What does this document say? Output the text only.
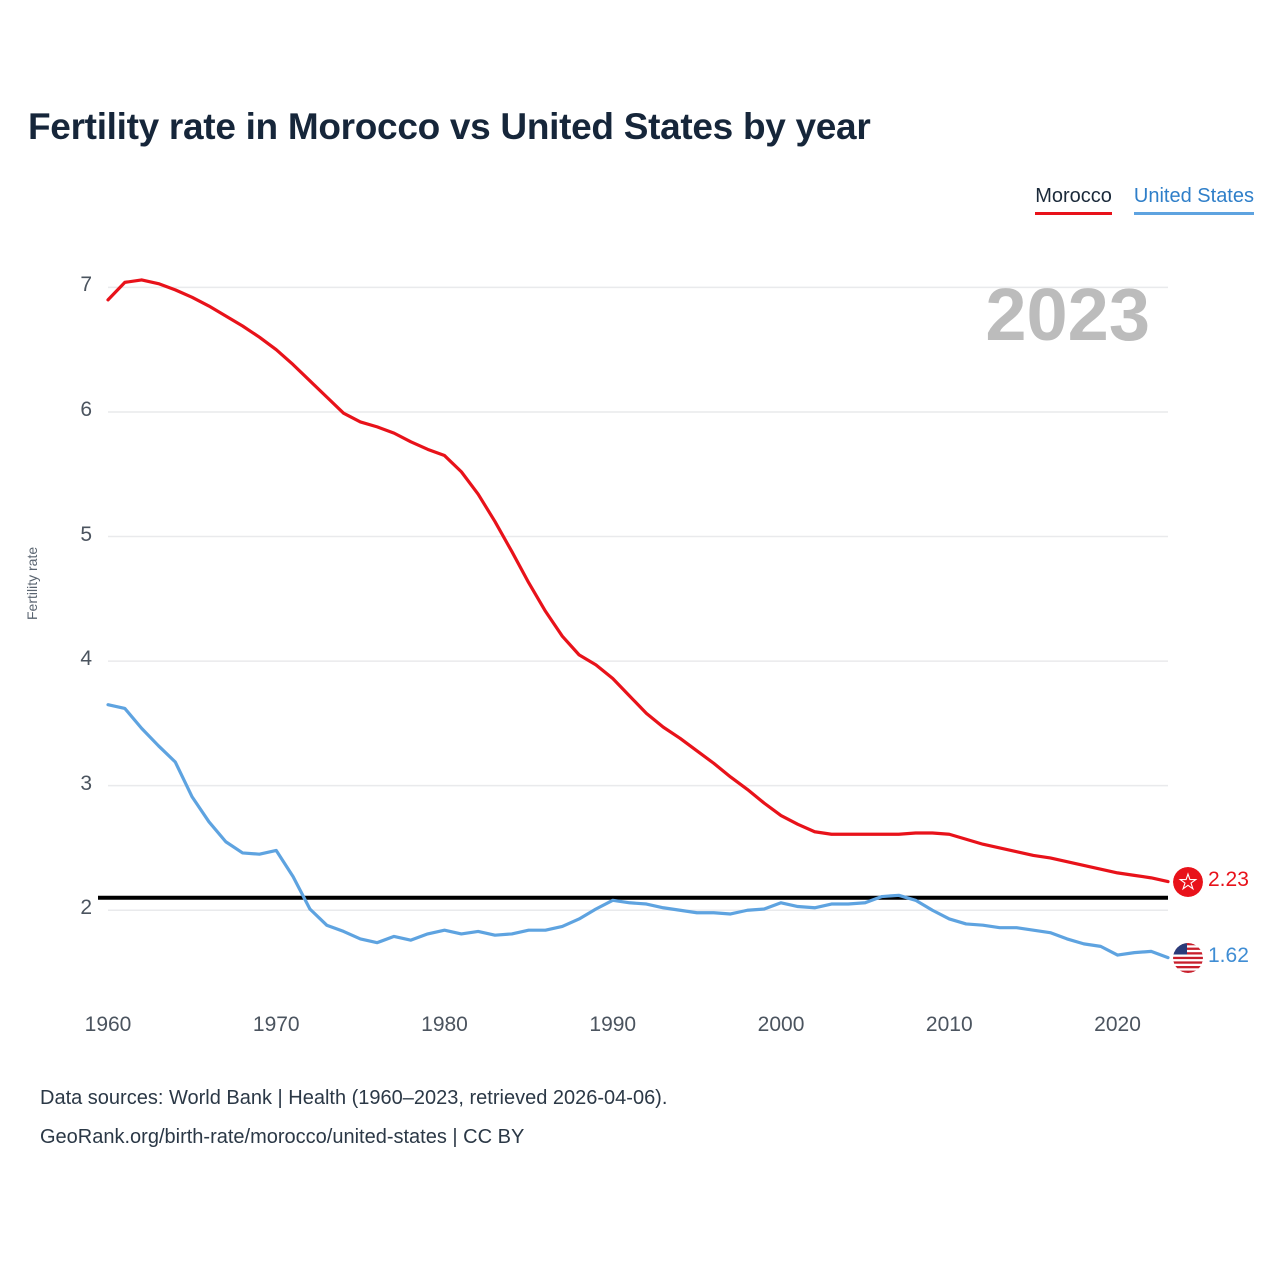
Fertility rate in Morocco vs United States by year
Morocco United States
2023
Fertility rate
2
3
4
5
6
7
1960	1970	1980	1990	2000	2010	2020
2.23
1.62
Data sources: World Bank | Health (1960–2023, retrieved 2026-04-06).
GeoRank.org/birth-rate/morocco/united-states | CC BY
